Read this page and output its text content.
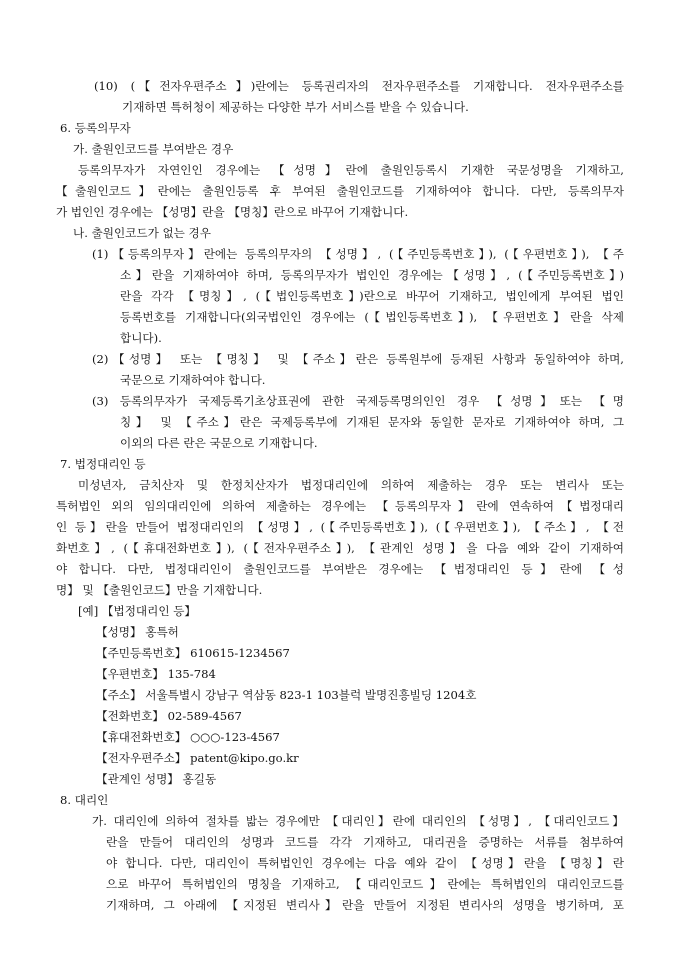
(10) (【전자우편주소】)란에는 등록권리자의 전자우편주소를 기재합니다. 전자우편주소를
기재하면 특허청이 제공하는 다양한 부가 서비스를 받을 수 있습니다.
6. 등록의무자
가. 출원인코드를 부여받은 경우
등록의무자가 자연인인 경우에는 【성명】란에 출원인등록시 기재한 국문성명을 기재하고,
【출원인코드】란에는 출원인등록 후 부여된 출원인코드를 기재하여야 합니다. 다만, 등록의무자
가 법인인 경우에는 【성명】란을 【명칭】란으로 바꾸어 기재합니다.
나. 출원인코드가 없는 경우
(1)【등록의무자】란에는 등록의무자의 【성명】, (【주민등록번호】), (【우편번호】), 【주
소】란을 기재하여야 하며, 등록의무자가 법인인 경우에는【성명】, (【주민등록번호】)
란을 각각 【명칭】, (【법인등록번호】)란으로 바꾸어 기재하고, 법인에게 부여된 법인
등록번호를 기재합니다(외국법인인 경우에는 (【법인등록번호】), 【우편번호】란을 삭제
합니다).
(2)【성명】 또는 【명칭】 및 【주소】란은 등록원부에 등재된 사항과 동일하여야 하며,
국문으로 기재하여야 합니다.
(3) 등록의무자가 국제등록기초상표권에 관한 국제등록명의인인 경우 【성명】또는 【명
칭】 및 【주소】란은 국제등록부에 기재된 문자와 동일한 문자로 기재하여야 하며, 그
이외의 다른 란은 국문으로 기재합니다.
7. 법정대리인 등
미성년자, 금치산자 및 한정치산자가 법정대리인에 의하여 제출하는 경우 또는 변리사 또는
특허법인 외의 임의대리인에 의하여 제출하는 경우에는 【등록의무자】란에 연속하여【법정대리
인 등】란을 만들어 법정대리인의 【성명】, (【주민등록번호】), (【우편번호】), 【주소】, 【전
화번호】, (【휴대전화번호】), (【전자우편주소】), 【관계인 성명】을 다음 예와 같이 기재하여
야 합니다. 다만, 법정대리인이 출원인코드를 부여받은 경우에는 【법정대리인 등】란에 【성
명】 및 【출원인코드】만을 기재합니다.
[예] 【법정대리인 등】
【성명】 홍특허
【주민등록번호】 610615-1234567
【우편번호】 135-784
【주소】 서울특별시 강남구 역삼동 823-1 103블럭 발명진흥빌딩 1204호
【전화번호】 02-589-4567
【휴대전화번호】 ○○○-123-4567
【전자우편주소】 patent@kipo.go.kr
【관계인 성명】 홍길동
8. 대리인
가. 대리인에 의하여 절차를 밟는 경우에만 【대리인】란에 대리인의 【성명】, 【대리인코드】
란을 만들어 대리인의 성명과 코드를 각각 기재하고, 대리권을 증명하는 서류를 첨부하여
야 합니다. 다만, 대리인이 특허법인인 경우에는 다음 예와 같이 【성명】란을 【명칭】란
으로 바꾸어 특허법인의 명칭을 기재하고, 【대리인코드】란에는 특허법인의 대리인코드를
기재하며, 그 아래에 【지정된 변리사】란을 만들어 지정된 변리사의 성명을 병기하며, 포
